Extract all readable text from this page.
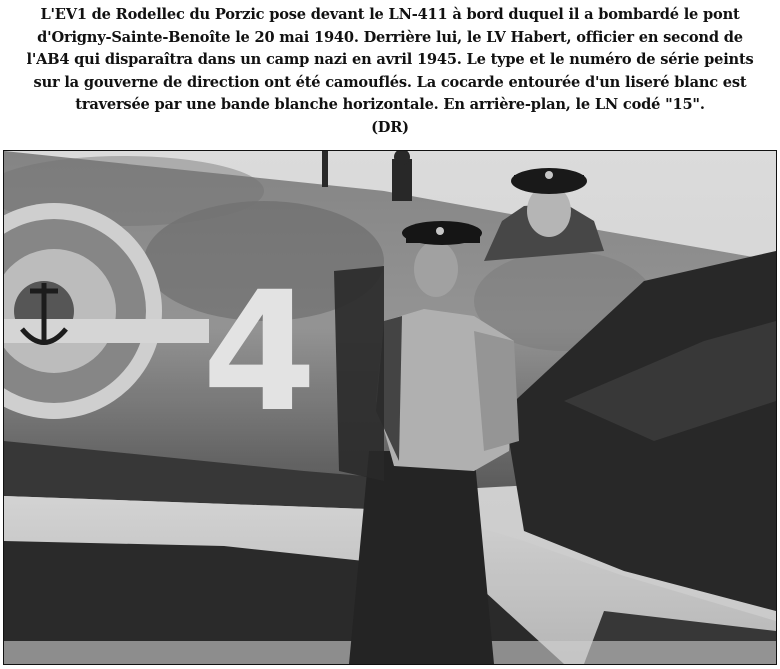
L'EV1 de Rodellec du Porzic pose devant le LN-411 à bord duquel il a bombardé le pont
d'Origny-Sainte-Benoîte le 20 mai 1940. Derrière lui, le LV Habert, officier en second de
l'AB4 qui disparaîtra dans un camp nazi en avril 1945. Le type et le numéro de série peints
sur la gouverne de direction ont été camouflés. La cocarde entourée d'un liseré blanc est
traversée par une bande blanche horizontale. En arrière-plan, le LN codé "15".
(DR)
4
